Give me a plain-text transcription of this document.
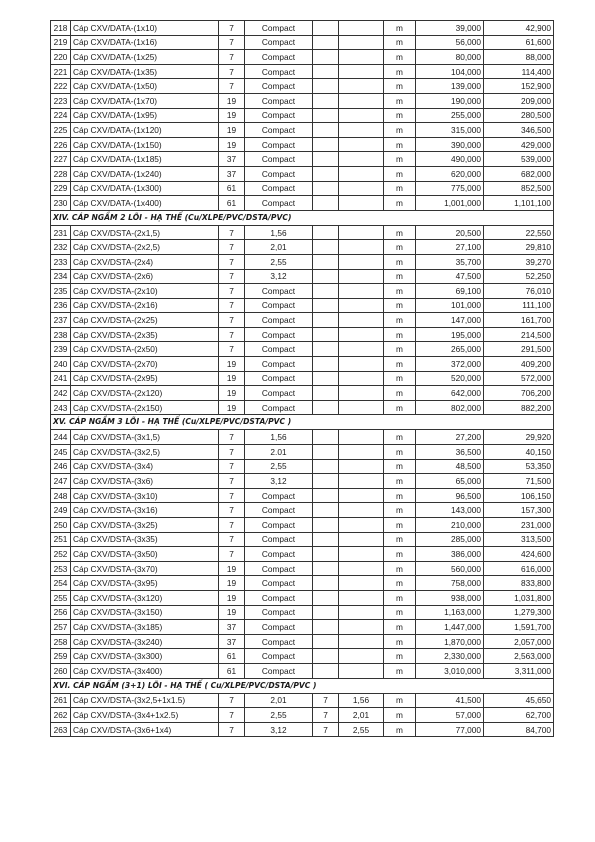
218	Cáp CXV/DATA-(1x10)	7	Compact			m	39,000	42,900
219	Cáp CXV/DATA-(1x16)	7	Compact			m	56,000	61,600
220	Cáp CXV/DATA-(1x25)	7	Compact			m	80,000	88,000
221	Cáp CXV/DATA-(1x35)	7	Compact			m	104,000	114,400
222	Cáp CXV/DATA-(1x50)	7	Compact			m	139,000	152,900
223	Cáp CXV/DATA-(1x70)	19	Compact			m	190,000	209,000
224	Cáp CXV/DATA-(1x95)	19	Compact			m	255,000	280,500
225	Cáp CXV/DATA-(1x120)	19	Compact			m	315,000	346,500
226	Cáp CXV/DATA-(1x150)	19	Compact			m	390,000	429,000
227	Cáp CXV/DATA-(1x185)	37	Compact			m	490,000	539,000
228	Cáp CXV/DATA-(1x240)	37	Compact			m	620,000	682,000
229	Cáp CXV/DATA-(1x300)	61	Compact			m	775,000	852,500
230	Cáp CXV/DATA-(1x400)	61	Compact			m	1,001,000	1,101,100
XIV. CÁP NGẦM 2 LÕI - HẠ THẾ (Cu/XLPE/PVC/DSTA/PVC)								
231	Cáp CXV/DSTA-(2x1,5)	7	1,56			m	20,500	22,550
232	Cáp CXV/DSTA-(2x2,5)	7	2,01			m	27,100	29,810
233	Cáp CXV/DSTA-(2x4)	7	2,55			m	35,700	39,270
234	Cáp CXV/DSTA-(2x6)	7	3,12			m	47,500	52,250
235	Cáp CXV/DSTA-(2x10)	7	Compact			m	69,100	76,010
236	Cáp CXV/DSTA-(2x16)	7	Compact			m	101,000	111,100
237	Cáp CXV/DSTA-(2x25)	7	Compact			m	147,000	161,700
238	Cáp CXV/DSTA-(2x35)	7	Compact			m	195,000	214,500
239	Cáp CXV/DSTA-(2x50)	7	Compact			m	265,000	291,500
240	Cáp CXV/DSTA-(2x70)	19	Compact			m	372,000	409,200
241	Cáp CXV/DSTA-(2x95)	19	Compact			m	520,000	572,000
242	Cáp CXV/DSTA-(2x120)	19	Compact			m	642,000	706,200
243	Cáp CXV/DSTA-(2x150)	19	Compact			m	802,000	882,200
XV. CÁP NGẦM 3 LÕI - HẠ THẾ (Cu/XLPE/PVC/DSTA/PVC )								
244	Cáp CXV/DSTA-(3x1,5)	7	1,56			m	27,200	29,920
245	Cáp CXV/DSTA-(3x2,5)	7	2.01			m	36,500	40,150
246	Cáp CXV/DSTA-(3x4)	7	2,55			m	48,500	53,350
247	Cáp CXV/DSTA-(3x6)	7	3,12			m	65,000	71,500
248	Cáp CXV/DSTA-(3x10)	7	Compact			m	96,500	106,150
249	Cáp CXV/DSTA-(3x16)	7	Compact			m	143,000	157,300
250	Cáp CXV/DSTA-(3x25)	7	Compact			m	210,000	231,000
251	Cáp CXV/DSTA-(3x35)	7	Compact			m	285,000	313,500
252	Cáp CXV/DSTA-(3x50)	7	Compact			m	386,000	424,600
253	Cáp CXV/DSTA-(3x70)	19	Compact			m	560,000	616,000
254	Cáp CXV/DSTA-(3x95)	19	Compact			m	758,000	833,800
255	Cáp CXV/DSTA-(3x120)	19	Compact			m	938,000	1,031,800
256	Cáp CXV/DSTA-(3x150)	19	Compact			m	1,163,000	1,279,300
257	Cáp CXV/DSTA-(3x185)	37	Compact			m	1,447,000	1,591,700
258	Cáp CXV/DSTA-(3x240)	37	Compact			m	1,870,000	2,057,000
259	Cáp CXV/DSTA-(3x300)	61	Compact			m	2,330,000	2,563,000
260	Cáp CXV/DSTA-(3x400)	61	Compact			m	3,010,000	3,311,000
XVI. CÁP NGẦM (3+1) LÕI - HẠ THẾ ( Cu/XLPE/PVC/DSTA/PVC )								
261	Cáp CXV/DSTA-(3x2,5+1x1.5)	7	2,01	7	1,56	m	41,500	45,650
262	Cáp CXV/DSTA-(3x4+1x2.5)	7	2,55	7	2,01	m	57,000	62,700
263	Cáp CXV/DSTA-(3x6+1x4)	7	3,12	7	2,55	m	77,000	84,700
